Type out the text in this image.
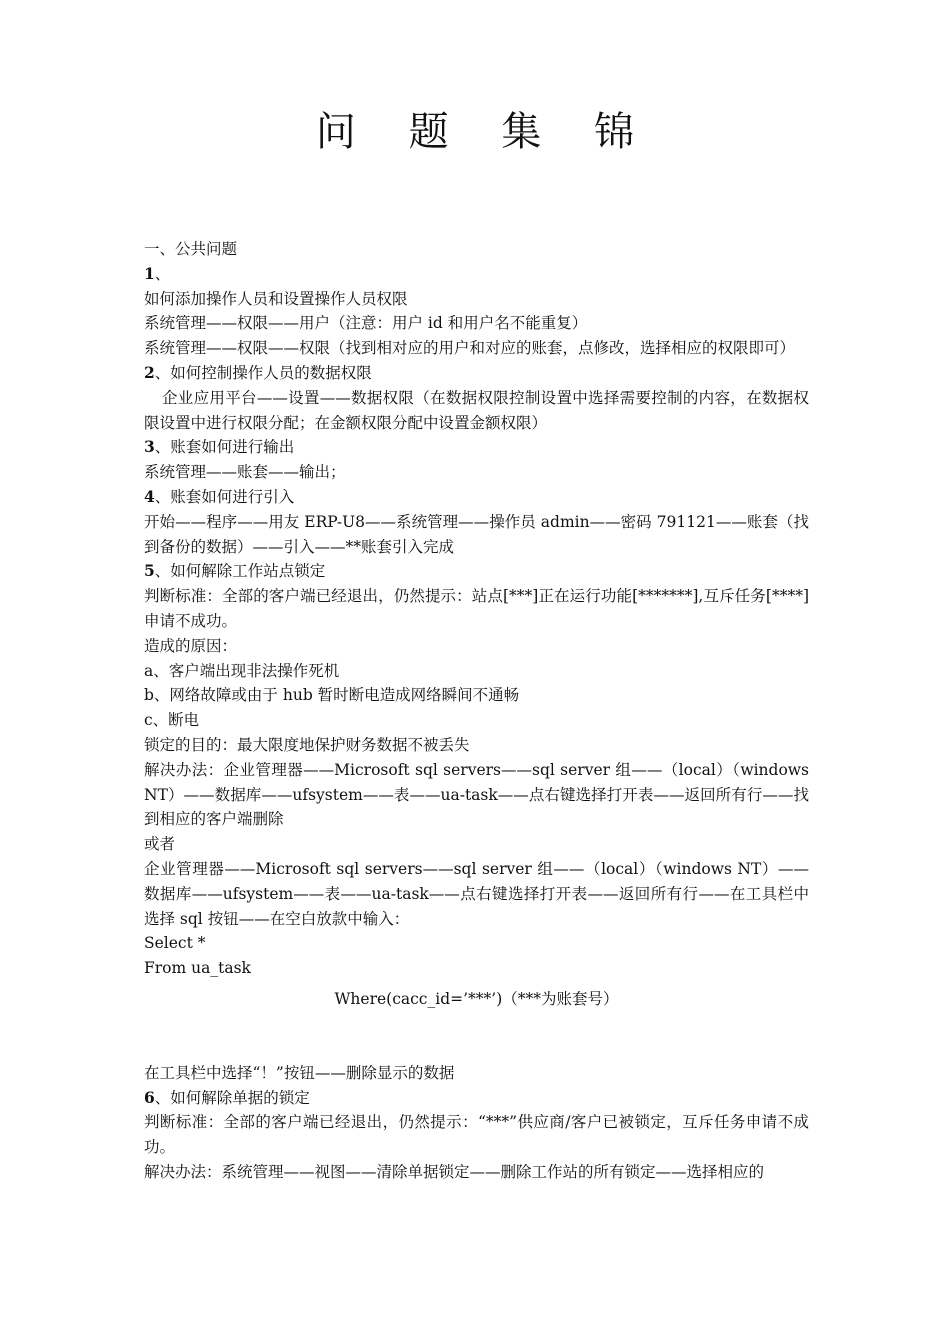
问 题 集 锦

一、公共问题

1、

如何添加操作人员和设置操作人员权限

系统管理——权限——用户（注意：用户 id 和用户名不能重复）

系统管理——权限——权限（找到相对应的用户和对应的账套，点修改，选择相应的权限即可）

2、如何控制操作人员的数据权限

企业应用平台——设置——数据权限（在数据权限控制设置中选择需要控制的内容，在数据权限设置中进行权限分配；在金额权限分配中设置金额权限）

3、账套如何进行输出

系统管理——账套——输出；

4、账套如何进行引入

开始——程序——用友 ERP-U8——系统管理——操作员 admin——密码 791121——账套（找到备份的数据）——引入——**账套引入完成

5、如何解除工作站点锁定

判断标准：全部的客户端已经退出，仍然提示：站点[***]正在运行功能[*******],互斥任务[****]申请不成功。

造成的原因：

a、客户端出现非法操作死机

b、网络故障或由于 hub 暂时断电造成网络瞬间不通畅

c、断电

锁定的目的：最大限度地保护财务数据不被丢失

解决办法：企业管理器——Microsoft sql servers——sql server 组——（local）（windows NT）——数据库——ufsystem——表——ua-task——点右键选择打开表——返回所有行——找到相应的客户端删除

或者

企业管理器——Microsoft sql servers——sql server 组——（local）（windows NT）——数据库——ufsystem——表——ua-task——点右键选择打开表——返回所有行——在工具栏中选择 sql 按钮——在空白放款中输入：

Select *

From ua_task

Where(cacc_id=’***’)（***为账套号）

在工具栏中选择“！”按钮——删除显示的数据

6、如何解除单据的锁定

判断标准：全部的客户端已经退出，仍然提示：“***”供应商/客户已被锁定，互斥任务申请不成功。

解决办法：系统管理——视图——清除单据锁定——删除工作站的所有锁定——选择相应的
